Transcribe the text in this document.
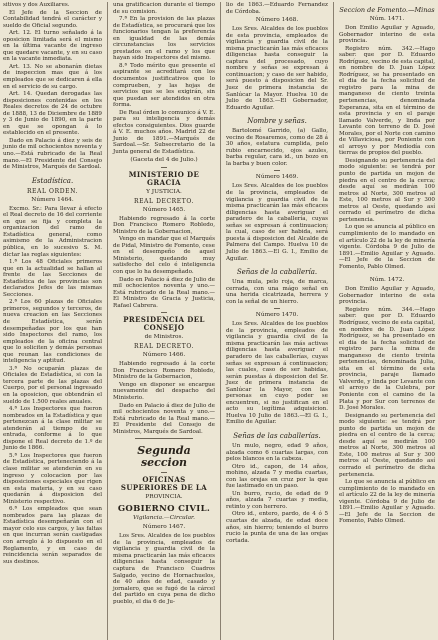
sitivos y dos Auxiliares.

El Jefe de la Seccion de Contabilidad tendrá el carácter y sueldo de Oficial segundo.

Art. 12. El turno señalado á la oposicion limitada será el mismo en la última vacante de ingreso que quedare vacante, y en su caso en la vacante inmediata.

Art. 13. No se abonarán dietas de inspeccion mas que á los empleados que se dedicaren á ella en el servicio de su cargo.

Art. 14. Quedan derogadas las disposiciones contenidas en los Reales decretos de 24 de octubre de 1888, 13 de Diciembre de 1889 y 3 de Junio de 1890, en la parte en que se opongan á lo establecido en el presente.

Dado en Palacio á diez y seis de junio de mil ochocientos noventa y uno.—Está rubricado de la Real mano.—El Presidente del Consejo de Ministros, Marqués de Sardoal.

Estadística.
REAL ORDEN.
Número 1464.

Excmo. Sr.: Para llevar á efecto el Real decreto de 16 del corriente en que se fija y completa la organizacion del ramo de Estadística general, como asimismo de la Administracion pública, en lo sucesivo S. M. dictar las reglas siguientes:

1.ª Los 48 Oficiales primeros que en la actualidad se hallan al frente de las Secciones de Estadística de las provincias son declarados Jefes de las mismas Secciones.

2.ª Los 60 plazas de Oficiales primeros, segundos y terceros, de nueva creacion en las Secciones de Estadística, serán desempeñadas por los que han sido Inspectores del ramo, los empleados de la oficina central que lo soliciten y demás personas que reunan las condiciones de inteligencia y aptitud.

3.ª No ocuparán plazas de Oficiales de Estadística, si con la tercera parte de las plazas del Cuerpo, por el personal ingresado en la oposicion, que obtendrán el sueldo de 1.500 reales anuales.

4.ª Los Inspectores que fueron nombrados en la Estadística y que pertenezcan á la clase militar se atenderán al tiempo de su entrada, conforme á lo que dispone el Real decreto de 1.º de Junio de 1866.

5.ª Los Inspectores que fueron de Estadística, perteneciendo á la clase militar se atenderán en su ingreso y colocacion por las disposiciones especiales que rigen en esta materia, y en su caso quedarán á disposicion del Ministerio respectivo.

6.ª Los empleados que sean nombrados para las plazas de Estadística desempeñarán con el mayor celo sus cargos, y las faltas en que incurran serán castigadas con arreglo á lo dispuesto en el Reglamento, y en caso de reincidencia serán separados de sus destinos.

una gratificacion durante el tiempo de su comision.

7.ª En la provision de las plazas de Estadística, se procurará que los funcionarios tengan la preferencia en igualdad de las demás circunstancias los servicios prestados en el ramo y los que hayan sido Inspectores del mismo.

8.ª Todo mérito que presente el aspirante se acreditará con los documentos justificativos que lo comprueben, y las hojas de servicios que se les exigirán, sin que puedan ser atendidos en otra forma.

De Real órden lo comunico á V. E. para su inteligencia y demás efectos consiguientes. Dios guarde á V. E. muchos años. Madrid 22 de Junio de 1891.—Marqués de Sardoal.—Sr. Subsecretario de la Junta general de Estadística.

(Gaceta del 4 de Julio.)
MINISTERIO DE GRACIA
Y JUSTICIA.
REAL DECRETO.
Número 1465.

Habiendo regresado á la corte Don Francisco Romero Robledo, Ministro de la Gobernacion,

Vengo en mandar que el Marqués de Pidal, Ministro de Fomento, cese en el desempeño de aquel Ministerio, quedando muy satisfecho del celo é inteligencia con que lo ha desempeñado.

Dado en Palacio á diez de Julio de mil ochocientos noventa y uno.—Está rubricado de la Real mano.—El Ministro de Gracia y Justicia, Rafael Cabrera.

PRESIDENCIA DEL CONSEJO
de Ministros.
REAL DECRETO.
Número 1466.

Habiendo regresado á la corte Don Francisco Romero Robledo, Ministro de la Gobernacion,

Vengo en disponer se encargue nuevamente del despacho del Ministerio.

Dado en Palacio á diez de Julio de mil ochocientos noventa y uno.—Está rubricado de la Real mano.—El Presidente del Consejo de Ministros, Marqués de Sardoal.

Segunda seccion
OFICINAS SUPERIORES DE LA
PROVINCIA.
GOBIERNO CIVIL.
Vigilancia.—Circular.
Número 1467.

Los Sres. Alcaldes de los pueblos de la provincia, empleados de vigilancia y guardia civil de la misma practicarán las más eficaces diligencias hasta conseguir la captura de Francisco Cuadros Salgado, vecino de Hornachuelos, de 40 años de edad, casado y jornalero, que se fugó de la cárcel del partido en cuya pena de dicho pueblo, el dia 6 de Ju-

lio de 1863.—Eduardo Fernandez de Córdoba.

Número 1468.

Los Sres. Alcaldes de los pueblos de esta provincia, empleados de vigilancia y guardia civil de la misma practicarán las más eficaces diligencias hasta conseguir la captura del procesado, cuyo nombre y señas se expresan á continuacion; y caso de ser habido, será puesto á disposicion del Sr. Juez de primera instancia de Sanlúcar la Mayor. Huelva 10 de Julio de 1863.—El Gobernador, Eduardo Aguilar.

Nombre y señas.

Bartolomé Garrido, (a) Gallo, vecino de Rosaremos, como de 28 á 30 años, estatura cumplida, pelo rubio encarnecido, ojos azules, barba regular, cara id., un bozo en la barba y buen color.

Número 1469.

Los Sres. Alcaldes de los pueblos de la provincia, empleados de vigilancia y guardia civil de la misma practicarán las más eficaces diligencias hasta averiguar el paradero de la caballería, cuyas señas se expresan á continuacion; la cual, caso de ser habida, será puesta á disposicion del Alcalde de Palmera del Campo. Huelva 10 de Julio de 1863.—El G. I., Emilio de Aguilar.

Señas de la caballería.

Una mula, pelo roja, de marca, cerrada, con una mágo señal en una herida cicatrizada, herrera y con la señal de un hierro.

Número 1470.

Los Sres. Alcaldes de los pueblos de la provincia, empleados de vigilancia y guardia civil de la misma practicarán las más activas diligencias hasta averiguar el paradero de las caballerías, cuyas señas se expresan á continuacion; las cuales, caso de ser habidas, serán puestas á disposicion del Sr. Juez de primera instancia de Sanlúcar la Mayor, con las personas en cuyo poder se encuentren, si no justifican en el acto su legítima adquisicion. Huelva 10 Julio de 1863.—El G. I., Emilio de Aguilar.

Señas de las caballerías.

Un mulo, negro, edad 9 años, alzada como 6 cuartas largas, con pelos blancos en la cabeza.

Otro id., capon, de 14 años, mohino, alzada 7 y media cuartas, con las orejas en cruz por la que fue lastimado en un paso.

Un burro, rucio, de edad de 9 años, alzada 7 cuartas y media, retinto y con herrero.

Otro id., entero, pardo, de 4 ó 5 cuartas de alzada, de edad doce años, sin hierro; teniendo el burro rucio la punta de una de las orejas cortada.

Seccion de Fomento.—Minas
Núm. 1471.

Don Emilio Aguilar y Aguado, Gobernador interino de esta provincia.

Registro núm. 342.—Hago saber: que por D. Eduardo Rodríguez, vecino de esta capital, en nombre de D. Juan López Rodríguez, se ha presentado en el dia de la fecha solicitud de registro para la mina de manganeso de ciento treinta pertenencias, denominada Esperanza, sita en el término de esta provincia y en el paraje llamado Valverde, y linda por Levante con terreno de D. José Morales, por el Norte con camino de Villaviciosa, por Poniente con el arroyo y por Mediodía con tierras de propios del pueblo.

Designando su pertenencia del modo siguiente: se tendrá por punto de partida un mojon de piedra en el centro de la cerca; desde aquí se medirán 100 metros al Norte, 300 metros al Este, 100 metros al Sur y 300 metros al Oeste, quedando así cerrado el perímetro de dicha pertenencia.

Lo que se anuncia al público en cumplimiento de lo mandado en el artículo 22 de la ley de minería vigente. Córdoba 9 de Julio de 1891.—Emilio Aguilar y Aguado.—El Jefe de la Seccion de Fomento, Pablo Olmed.

Núm. 1472.

Don Emilio Aguilar y Aguado, Gobernador interino de esta provincia.

Registro núm. 344.—Hago saber: que por D. Eduardo Rodríguez, vecino de esta capital, en nombre de D. Juan López Rodríguez, se ha presentado en el dia de la fecha solicitud de registro para la mina de manganeso de ciento treinta pertenencias, denominada Julia, sita en el término de esta provincia, paraje llamado Valverde, y linda por Levante con el arroyo de la Culebra, por Poniente con el camino de la Plata y por Sur con terrenos de D. José Morales.

Designando su pertenencia del modo siguiente: se tendrá por punto de partida un mojon de piedra en el centro de la cerca; desde aquí se medirán 100 metros al Norte, 300 metros al Este, 100 metros al Sur y 300 metros al Oeste, quedando así cerrado el perímetro de dicha pertenencia.

Lo que se anuncia al público en cumplimiento de lo mandado en el artículo 22 de la ley de minería vigente. Córdoba 9 de Julio de 1891.—Emilio Aguilar y Aguado.—El Jefe de la Seccion de Fomento, Pablo Olmed.
